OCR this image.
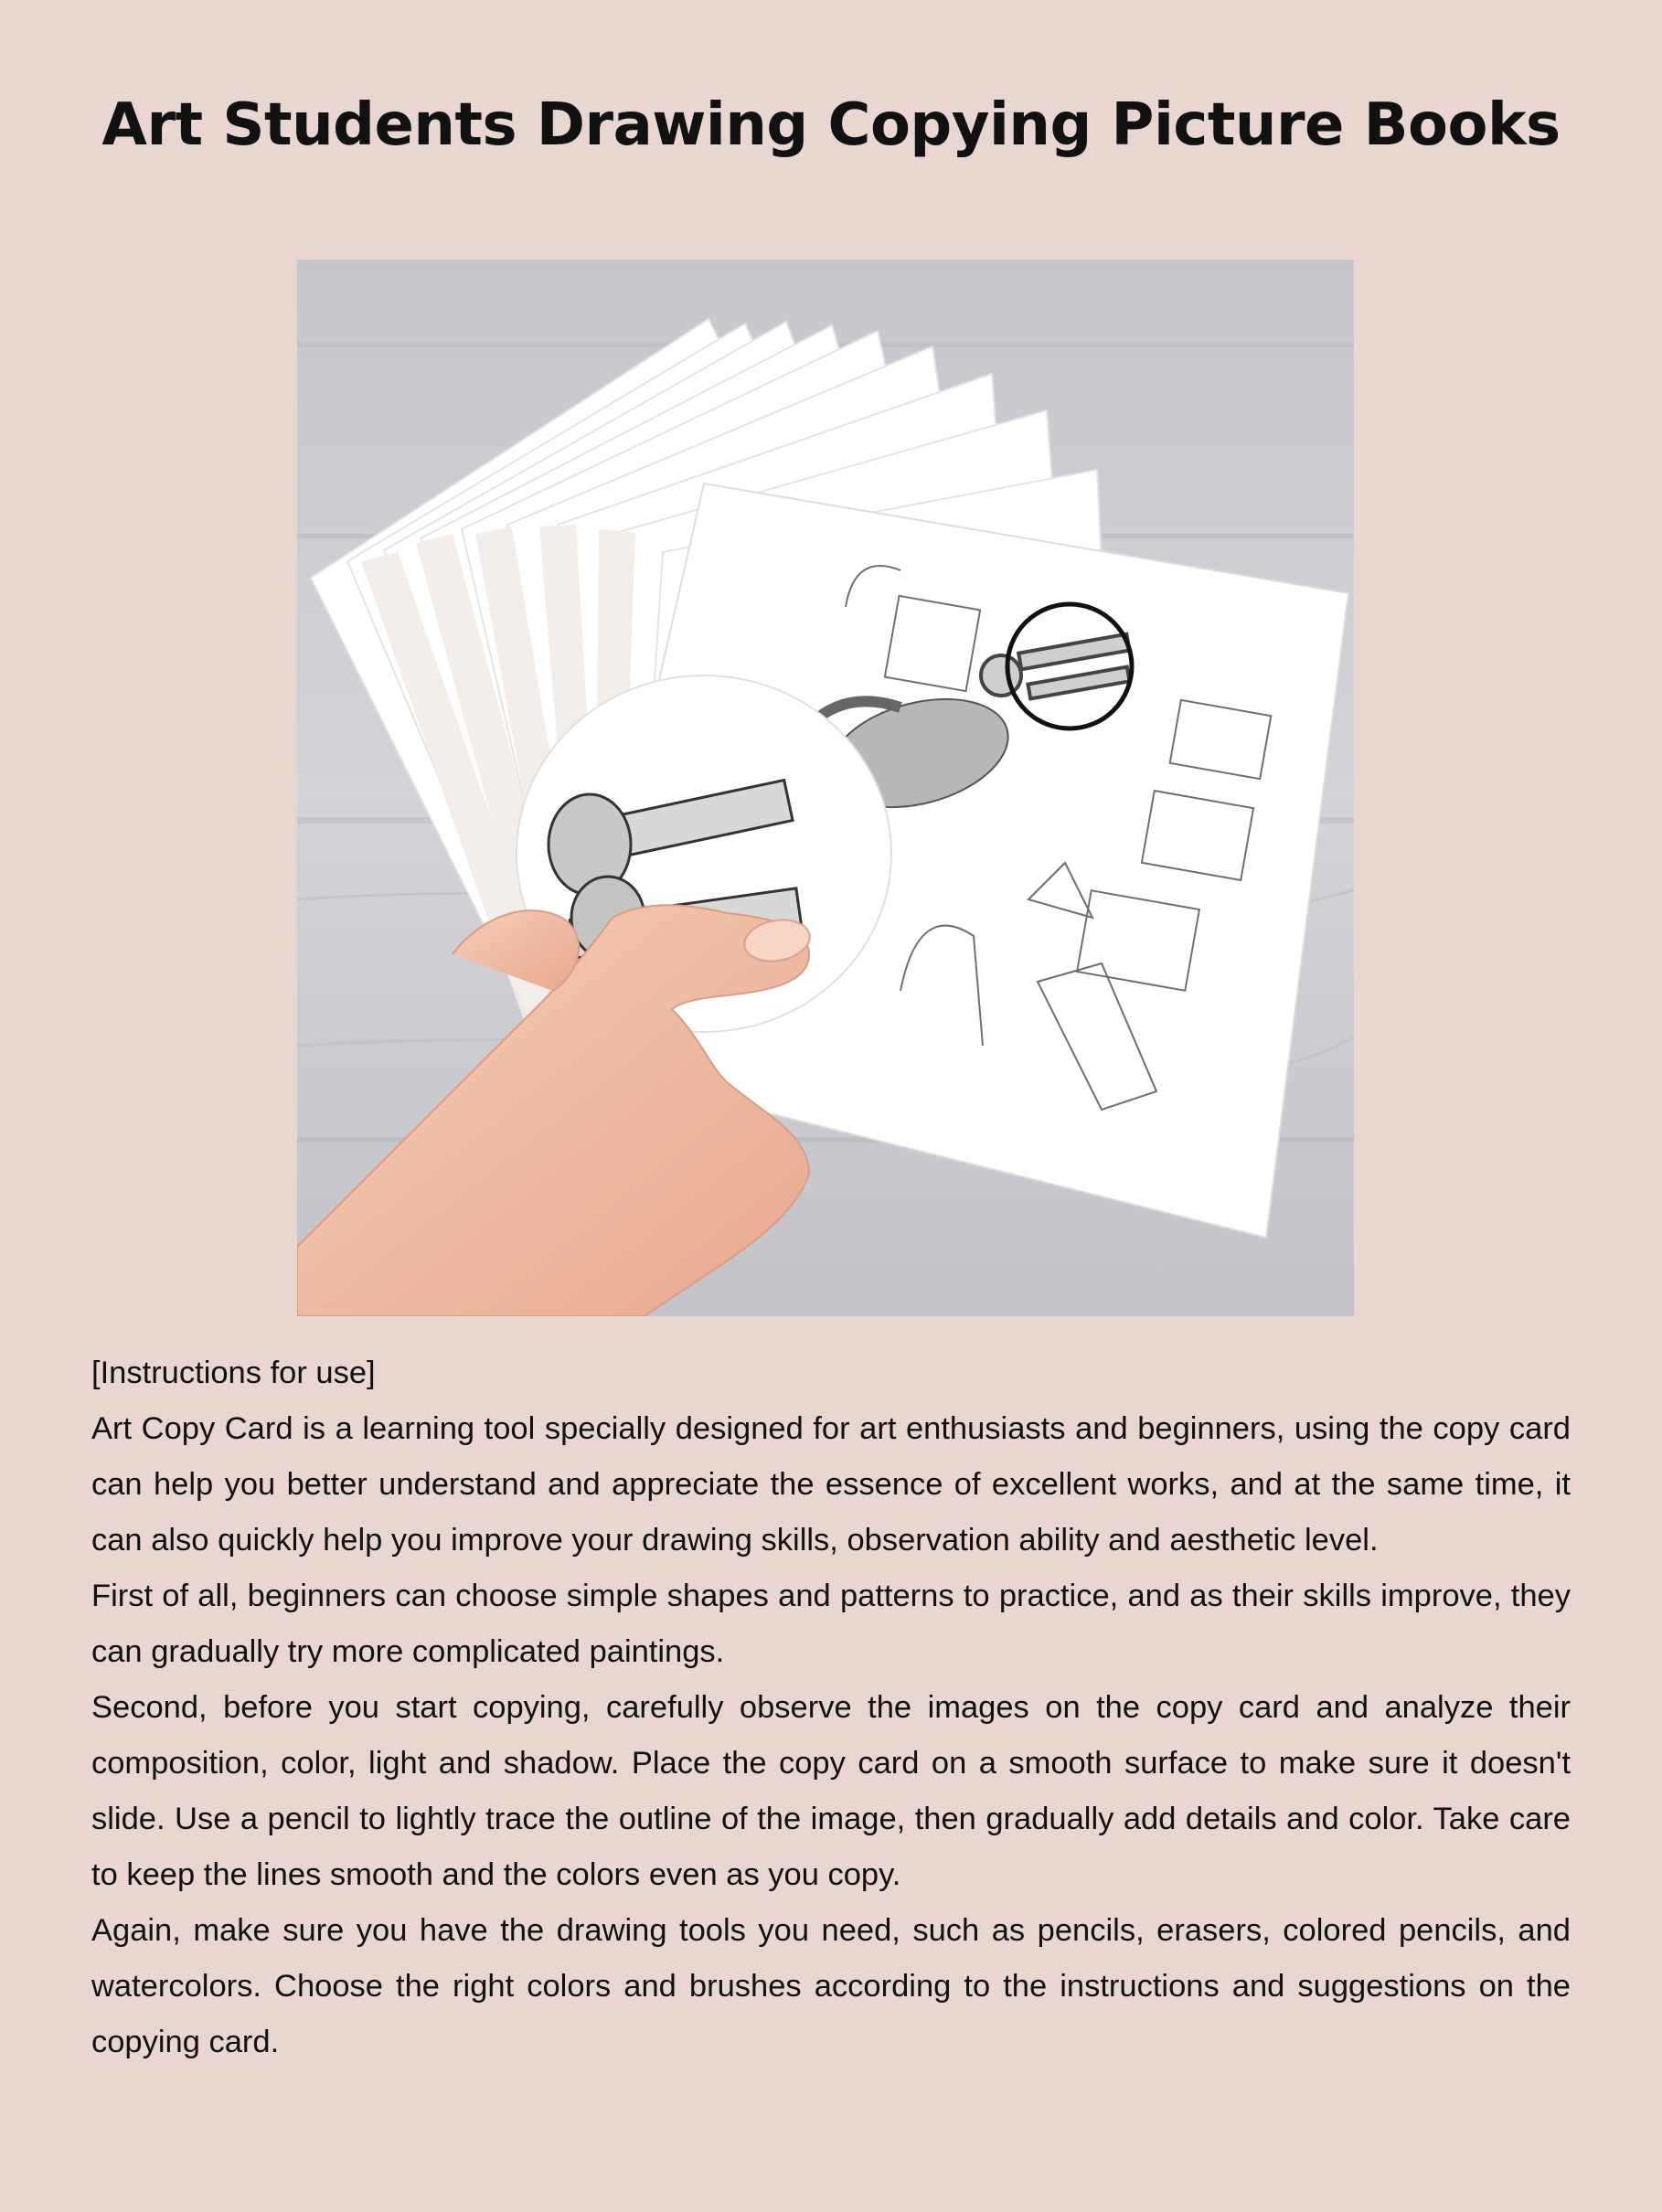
Art Students Drawing Copying Picture Books

[Instructions for use]

Art Copy Card is a learning tool specially designed for art enthusiasts and beginners, using the copy card can help you better understand and appreciate the essence of excellent works, and at the same time, it can also quickly help you improve your drawing skills, observation ability and aesthetic level.

First of all, beginners can choose simple shapes and patterns to practice, and as their skills improve, they can gradually try more complicated paintings.

Second, before you start copying, carefully observe the images on the copy card and analyze their composition, color, light and shadow. Place the copy card on a smooth surface to make sure it doesn't slide. Use a pencil to lightly trace the outline of the image, then gradually add details and color. Take care to keep the lines smooth and the colors even as you copy.

Again, make sure you have the drawing tools you need, such as pencils, erasers, colored pencils, and watercolors. Choose the right colors and brushes according to the instructions and suggestions on the copying card.
